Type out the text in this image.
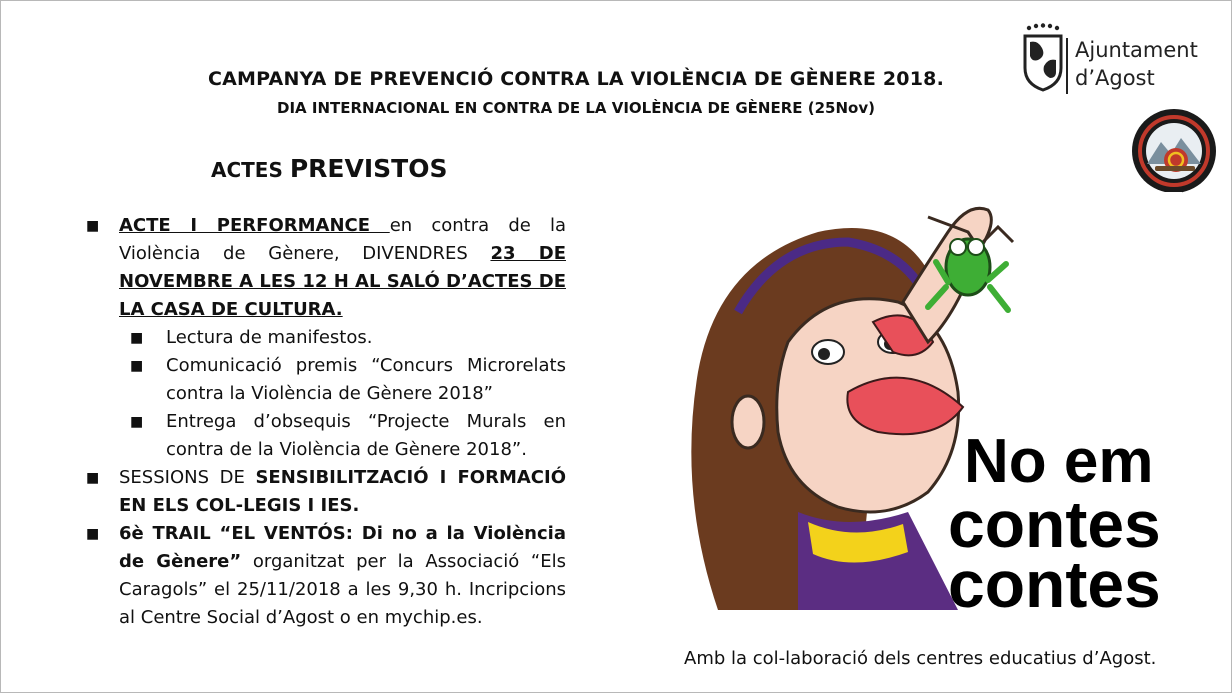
CAMPANYA DE PREVENCIÓ CONTRA LA VIOLÈNCIA DE GÈNERE 2018.
DIA INTERNACIONAL EN CONTRA DE LA VIOLÈNCIA DE GÈNERE (25Nov)
ACTES PREVISTOS
Ajuntament
d’Agost
■ ACTE I PERFORMANCE en contra de la Violència de Gènere, DIVENDRES 23 DE NOVEMBRE A LES 12 H AL SALÓ D’ACTES DE LA CASA DE CULTURA.
■ Lectura de manifestos.
■ Comunicació premis “Concurs Microrelats contra la Violència de Gènere 2018”
■ Entrega d’obsequis “Projecte Murals en contra de la Violència de Gènere 2018”.
■ SESSIONS DE SENSIBILITZACIÓ I FORMACIÓ EN ELS COL-LEGIS I IES.
■ 6è TRAIL “EL VENTÓS: Di no a la Violència de Gènere” organitzat per la Associació “Els Caragols” el 25/11/2018 a les 9,30 h. Incripcions al Centre Social d’Agost o en mychip.es.
No em
contes
contes
Amb la col-laboració dels centres educatius d’Agost.
